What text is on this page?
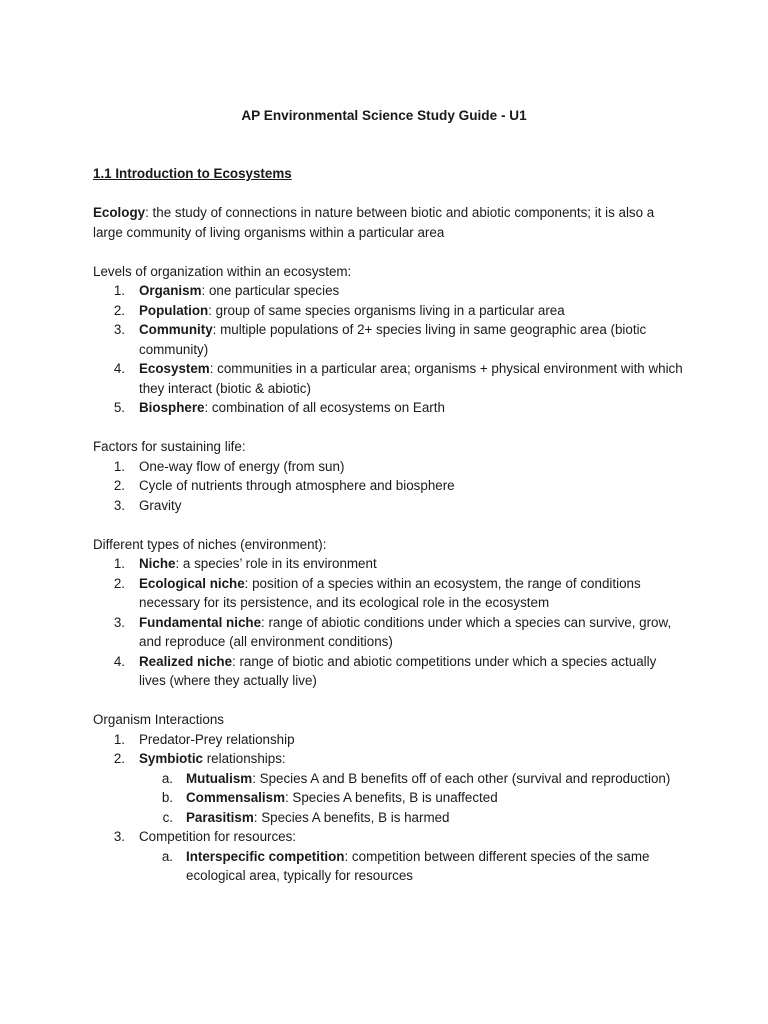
AP Environmental Science Study Guide - U1
1.1 Introduction to Ecosystems
Ecology: the study of connections in nature between biotic and abiotic components; it is also a large community of living organisms within a particular area
Levels of organization within an ecosystem:
1. Organism: one particular species
2. Population: group of same species organisms living in a particular area
3. Community: multiple populations of 2+ species living in same geographic area (biotic community)
4. Ecosystem: communities in a particular area; organisms + physical environment with which they interact (biotic & abiotic)
5. Biosphere: combination of all ecosystems on Earth
Factors for sustaining life:
1. One-way flow of energy (from sun)
2. Cycle of nutrients through atmosphere and biosphere
3. Gravity
Different types of niches (environment):
1. Niche: a species’ role in its environment
2. Ecological niche: position of a species within an ecosystem, the range of conditions necessary for its persistence, and its ecological role in the ecosystem
3. Fundamental niche: range of abiotic conditions under which a species can survive, grow, and reproduce (all environment conditions)
4. Realized niche: range of biotic and abiotic competitions under which a species actually lives (where they actually live)
Organism Interactions
1. Predator-Prey relationship
2. Symbiotic relationships:
a. Mutualism: Species A and B benefits off of each other (survival and reproduction)
b. Commensalism: Species A benefits, B is unaffected
c. Parasitism: Species A benefits, B is harmed
3. Competition for resources:
a. Interspecific competition: competition between different species of the same ecological area, typically for resources
